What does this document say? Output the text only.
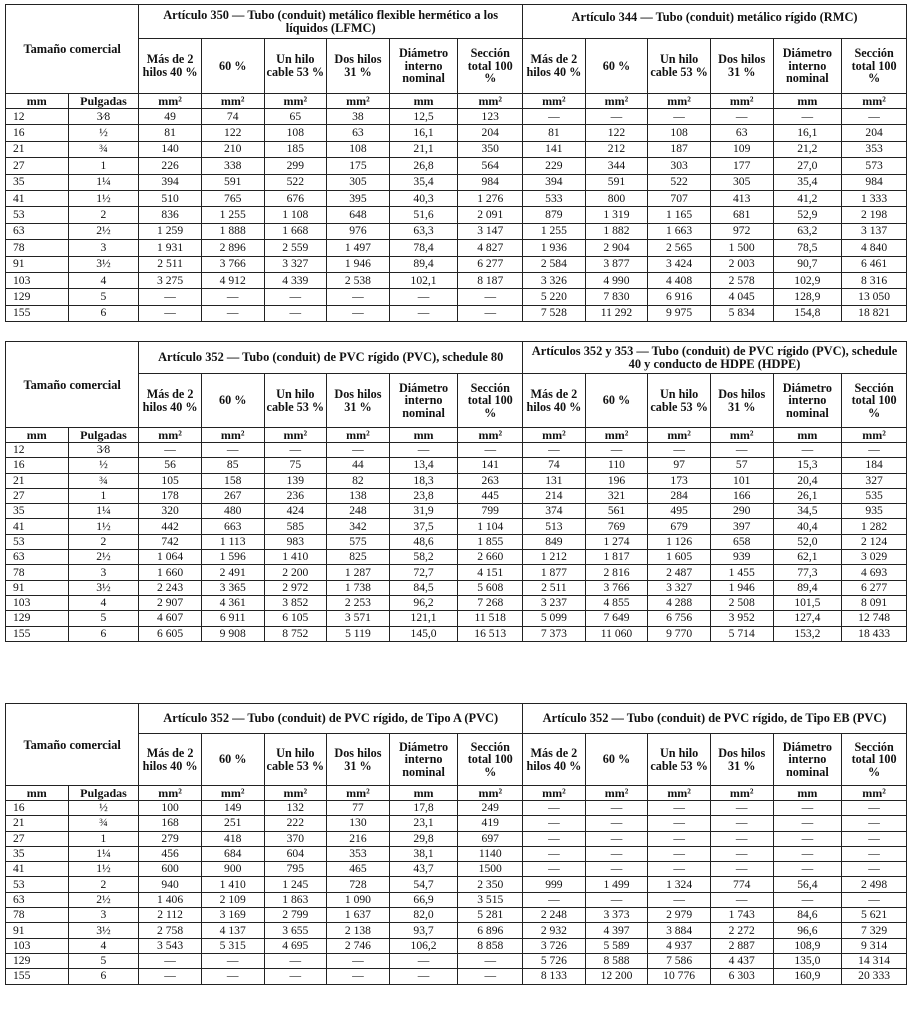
Tamaño comercial		Artículo 350 — Tubo (conduit) metálico flexible hermético a los líquidos (LFMC)						Artículo 344 — Tubo (conduit) metálico rígido (RMC)					
		Más de 2 hilos 40 %	60 %	Un hilo cable 53 %	Dos hilos 31 %	Diámetro interno nominal	Sección total 100 %	Más de 2 hilos 40 %	60 %	Un hilo cable 53 %	Dos hilos 31 %	Diámetro interno nominal	Sección total 100 %
mm	Pulgadas	mm²	mm²	mm²	mm²	mm	mm²	mm²	mm²	mm²	mm²	mm	mm²
12	3⁄8	49	74	65	38	12,5	123	—	—	—	—	—	—
16	½	81	122	108	63	16,1	204	81	122	108	63	16,1	204
21	¾	140	210	185	108	21,1	350	141	212	187	109	21,2	353
27	1	226	338	299	175	26,8	564	229	344	303	177	27,0	573
35	1¼	394	591	522	305	35,4	984	394	591	522	305	35,4	984
41	1½	510	765	676	395	40,3	1 276	533	800	707	413	41,2	1 333
53	2	836	1 255	1 108	648	51,6	2 091	879	1 319	1 165	681	52,9	2 198
63	2½	1 259	1 888	1 668	976	63,3	3 147	1 255	1 882	1 663	972	63,2	3 137
78	3	1 931	2 896	2 559	1 497	78,4	4 827	1 936	2 904	2 565	1 500	78,5	4 840
91	3½	2 511	3 766	3 327	1 946	89,4	6 277	2 584	3 877	3 424	2 003	90,7	6 461
103	4	3 275	4 912	4 339	2 538	102,1	8 187	3 326	4 990	4 408	2 578	102,9	8 316
129	5	—	—	—	—	—	—	5 220	7 830	6 916	4 045	128,9	13 050
155	6	—	—	—	—	—	—	7 528	11 292	9 975	5 834	154,8	18 821
Tamaño comercial		Artículo 352 — Tubo (conduit) de PVC rígido (PVC), schedule 80						Artículos 352 y 353 — Tubo (conduit) de PVC rígido (PVC), schedule 40 y conducto de HDPE (HDPE)					
		Más de 2 hilos 40 %	60 %	Un hilo cable 53 %	Dos hilos 31 %	Diámetro interno nominal	Sección total 100 %	Más de 2 hilos 40 %	60 %	Un hilo cable 53 %	Dos hilos 31 %	Diámetro interno nominal	Sección total 100 %
mm	Pulgadas	mm²	mm²	mm²	mm²	mm	mm²	mm²	mm²	mm²	mm²	mm	mm²
12	3⁄8	—	—	—	—	—	—	—	—	—	—	—	—
16	½	56	85	75	44	13,4	141	74	110	97	57	15,3	184
21	¾	105	158	139	82	18,3	263	131	196	173	101	20,4	327
27	1	178	267	236	138	23,8	445	214	321	284	166	26,1	535
35	1¼	320	480	424	248	31,9	799	374	561	495	290	34,5	935
41	1½	442	663	585	342	37,5	1 104	513	769	679	397	40,4	1 282
53	2	742	1 113	983	575	48,6	1 855	849	1 274	1 126	658	52,0	2 124
63	2½	1 064	1 596	1 410	825	58,2	2 660	1 212	1 817	1 605	939	62,1	3 029
78	3	1 660	2 491	2 200	1 287	72,7	4 151	1 877	2 816	2 487	1 455	77,3	4 693
91	3½	2 243	3 365	2 972	1 738	84,5	5 608	2 511	3 766	3 327	1 946	89,4	6 277
103	4	2 907	4 361	3 852	2 253	96,2	7 268	3 237	4 855	4 288	2 508	101,5	8 091
129	5	4 607	6 911	6 105	3 571	121,1	11 518	5 099	7 649	6 756	3 952	127,4	12 748
155	6	6 605	9 908	8 752	5 119	145,0	16 513	7 373	11 060	9 770	5 714	153,2	18 433
Tamaño comercial		Artículo 352 — Tubo (conduit) de PVC rígido, de Tipo A (PVC)						Artículo 352 — Tubo (conduit) de PVC rígido, de Tipo EB (PVC)					
		Más de 2 hilos 40 %	60 %	Un hilo cable 53 %	Dos hilos 31 %	Diámetro interno nominal	Sección total 100 %	Más de 2 hilos 40 %	60 %	Un hilo cable 53 %	Dos hilos 31 %	Diámetro interno nominal	Sección total 100 %
mm	Pulgadas	mm²	mm²	mm²	mm²	mm	mm²	mm²	mm²	mm²	mm²	mm	mm²
16	½	100	149	132	77	17,8	249	—	—	—	—	—	—
21	¾	168	251	222	130	23,1	419	—	—	—	—	—	—
27	1	279	418	370	216	29,8	697	—	—	—	—	—	—
35	1¼	456	684	604	353	38,1	1140	—	—	—	—	—	—
41	1½	600	900	795	465	43,7	1500	—	—	—	—	—	—
53	2	940	1 410	1 245	728	54,7	2 350	999	1 499	1 324	774	56,4	2 498
63	2½	1 406	2 109	1 863	1 090	66,9	3 515	—	—	—	—	—	—
78	3	2 112	3 169	2 799	1 637	82,0	5 281	2 248	3 373	2 979	1 743	84,6	5 621
91	3½	2 758	4 137	3 655	2 138	93,7	6 896	2 932	4 397	3 884	2 272	96,6	7 329
103	4	3 543	5 315	4 695	2 746	106,2	8 858	3 726	5 589	4 937	2 887	108,9	9 314
129	5	—	—	—	—	—	—	5 726	8 588	7 586	4 437	135,0	14 314
155	6	—	—	—	—	—	—	8 133	12 200	10 776	6 303	160,9	20 333
